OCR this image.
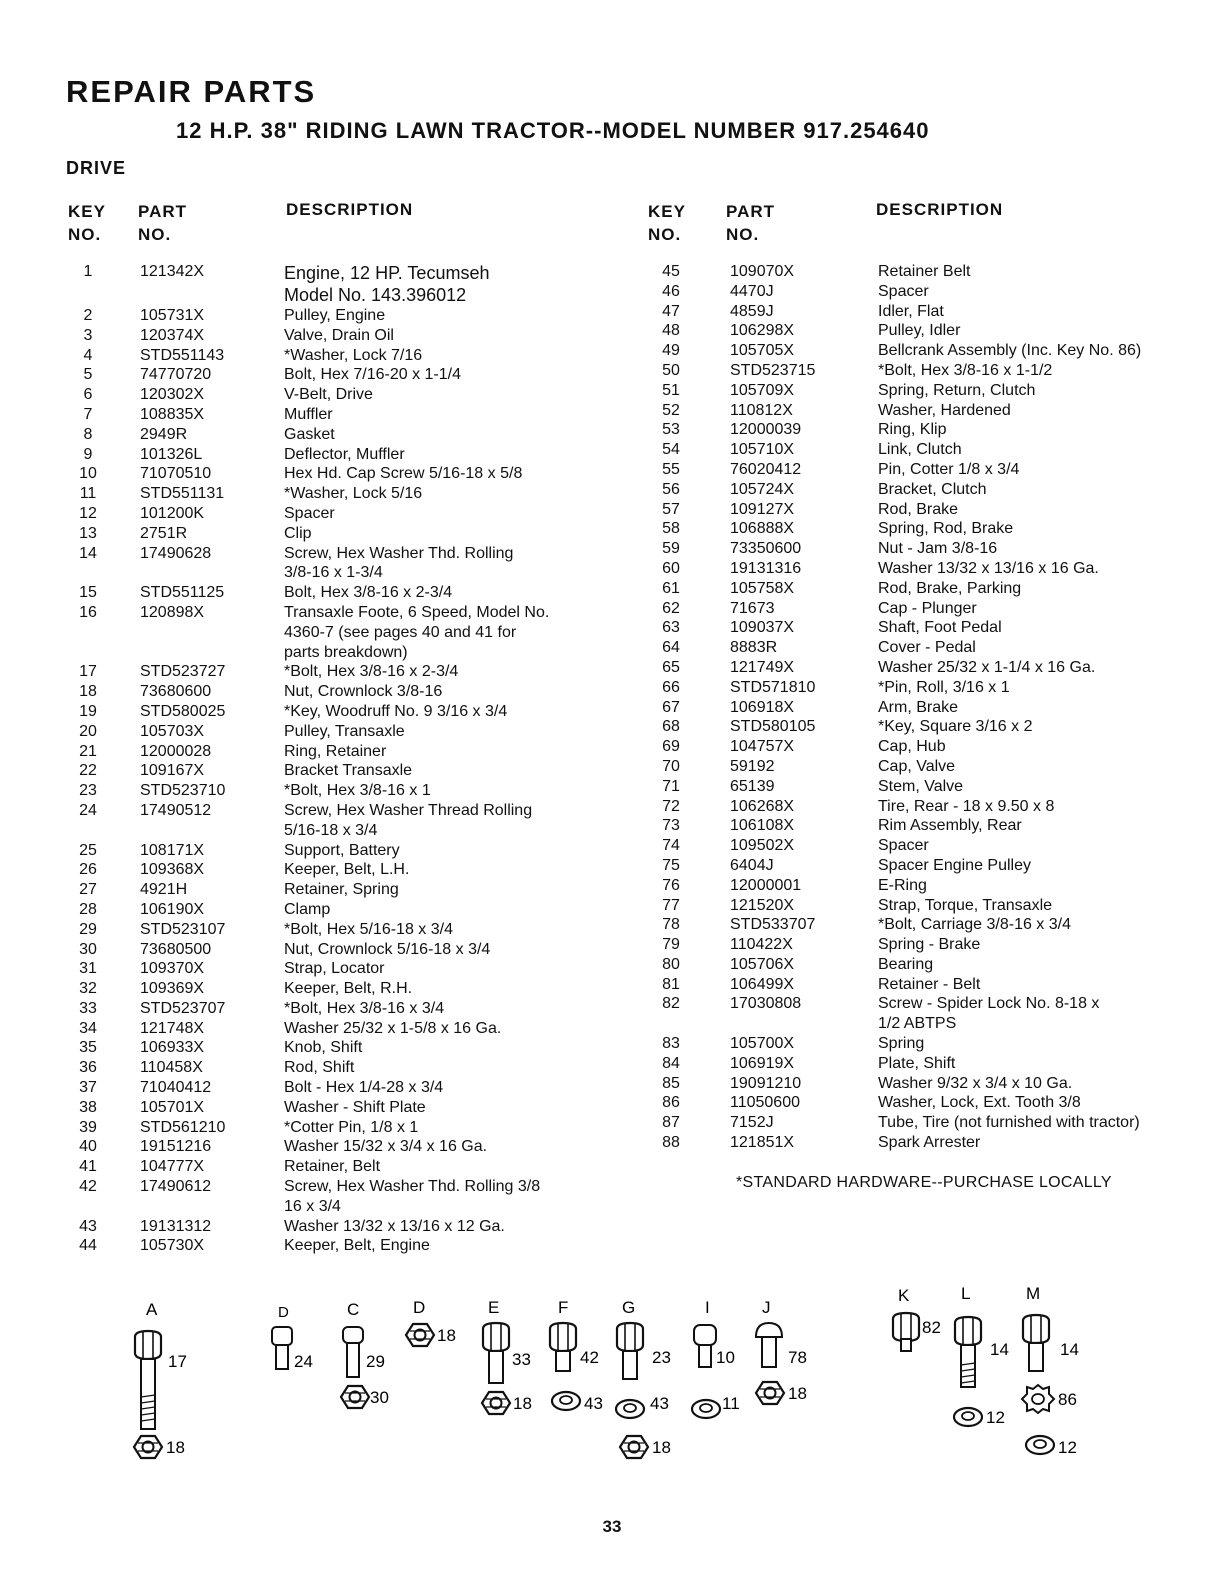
REPAIR PARTS
12 H.P. 38" RIDING LAWN TRACTOR--MODEL NUMBER 917.254640
DRIVE
KEY
NO.
PART
NO.
DESCRIPTION
1	121342X	Engine, 12 HP. Tecumseh
Model No. 143.396012
2	105731X	Pulley, Engine
3	120374X	Valve, Drain Oil
4	STD551143	*Washer, Lock 7/16
5	74770720	Bolt, Hex 7/16-20 x 1-1/4
6	120302X	V-Belt, Drive
7	108835X	Muffler
8	2949R	Gasket
9	101326L	Deflector, Muffler
10	71070510	Hex Hd. Cap Screw 5/16-18 x 5/8
11	STD551131	*Washer, Lock 5/16
12	101200K	Spacer
13	2751R	Clip
14	17490628	Screw, Hex Washer Thd. Rolling
3/8-16 x 1-3/4
15	STD551125	Bolt, Hex 3/8-16 x 2-3/4
16	120898X	Transaxle Foote, 6 Speed, Model No.
4360-7 (see pages 40 and 41 for
parts breakdown)
17	STD523727	*Bolt, Hex 3/8-16 x 2-3/4
18	73680600	Nut, Crownlock 3/8-16
19	STD580025	*Key, Woodruff No. 9 3/16 x 3/4
20	105703X	Pulley, Transaxle
21	12000028	Ring, Retainer
22	109167X	Bracket Transaxle
23	STD523710	*Bolt, Hex 3/8-16 x 1
24	17490512	Screw, Hex Washer Thread Rolling
5/16-18 x 3/4
25	108171X	Support, Battery
26	109368X	Keeper, Belt, L.H.
27	4921H	Retainer, Spring
28	106190X	Clamp
29	STD523107	*Bolt, Hex 5/16-18 x 3/4
30	73680500	Nut, Crownlock 5/16-18 x 3/4
31	109370X	Strap, Locator
32	109369X	Keeper, Belt, R.H.
33	STD523707	*Bolt, Hex 3/8-16 x 3/4
34	121748X	Washer 25/32 x 1-5/8 x 16 Ga.
35	106933X	Knob, Shift
36	110458X	Rod, Shift
37	71040412	Bolt - Hex 1/4-28 x 3/4
38	105701X	Washer - Shift Plate
39	STD561210	*Cotter Pin, 1/8 x 1
40	19151216	Washer 15/32 x 3/4 x 16 Ga.
41	104777X	Retainer, Belt
42	17490612	Screw, Hex Washer Thd. Rolling 3/8
16 x 3/4
43	19131312	Washer 13/32 x 13/16 x 12 Ga.
44	105730X	Keeper, Belt, Engine
KEY
NO.
PART
NO.
DESCRIPTION
45	109070X	Retainer Belt
46	4470J	Spacer
47	4859J	Idler, Flat
48	106298X	Pulley, Idler
49	105705X	Bellcrank Assembly (Inc. Key No. 86)
50	STD523715	*Bolt, Hex 3/8-16 x 1-1/2
51	105709X	Spring, Return, Clutch
52	110812X	Washer, Hardened
53	12000039	Ring, Klip
54	105710X	Link, Clutch
55	76020412	Pin, Cotter 1/8 x 3/4
56	105724X	Bracket, Clutch
57	109127X	Rod, Brake
58	106888X	Spring, Rod, Brake
59	73350600	Nut - Jam 3/8-16
60	19131316	Washer 13/32 x 13/16 x 16 Ga.
61	105758X	Rod, Brake, Parking
62	71673	Cap - Plunger
63	109037X	Shaft, Foot Pedal
64	8883R	Cover - Pedal
65	121749X	Washer 25/32 x 1-1/4 x 16 Ga.
66	STD571810	*Pin, Roll, 3/16 x 1
67	106918X	Arm, Brake
68	STD580105	*Key, Square 3/16 x 2
69	104757X	Cap, Hub
70	59192	Cap, Valve
71	65139	Stem, Valve
72	106268X	Tire, Rear - 18 x 9.50 x 8
73	106108X	Rim Assembly, Rear
74	109502X	Spacer
75	6404J	Spacer Engine Pulley
76	12000001	E-Ring
77	121520X	Strap, Torque, Transaxle
78	STD533707	*Bolt, Carriage 3/8-16 x 3/4
79	110422X	Spring - Brake
80	105706X	Bearing
81	106499X	Retainer - Belt
82	17030808	Screw - Spider Lock No. 8-18 x
1/2 ABTPS
83	105700X	Spring
84	106919X	Plate, Shift
85	19091210	Washer 9/32 x 3/4 x 10 Ga.
86	11050600	Washer, Lock, Ext. Tooth 3/8
87	7152J	Tube, Tire (not furnished with tractor)
88	121851X	Spark Arrester
*STANDARD HARDWARE--PURCHASE LOCALLY
A
17
18
D
24
C
29
30
D
18
E
33
18
F
42
43
G
23
43
18
I
10
11
J
78
18
K
82
L
14
12
M
14
86
12
33
